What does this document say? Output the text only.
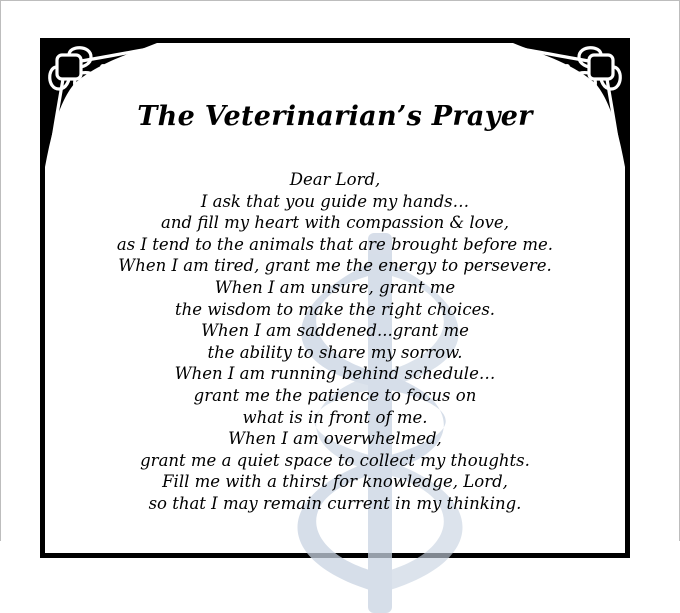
The Veterinarian’s Prayer
Dear Lord,
I ask that you guide my hands…
and fill my heart with compassion & love,
as I tend to the animals that are brought before me.
When I am tired, grant me the energy to persevere.
When I am unsure, grant me
the wisdom to make the right choices.
When I am saddened...grant me
the ability to share my sorrow.
When I am running behind schedule…
grant me the patience to focus on
what is in front of me.
When I am overwhelmed,
grant me a quiet space to collect my thoughts.
Fill me with a thirst for knowledge, Lord,
so that I may remain current in my thinking.
